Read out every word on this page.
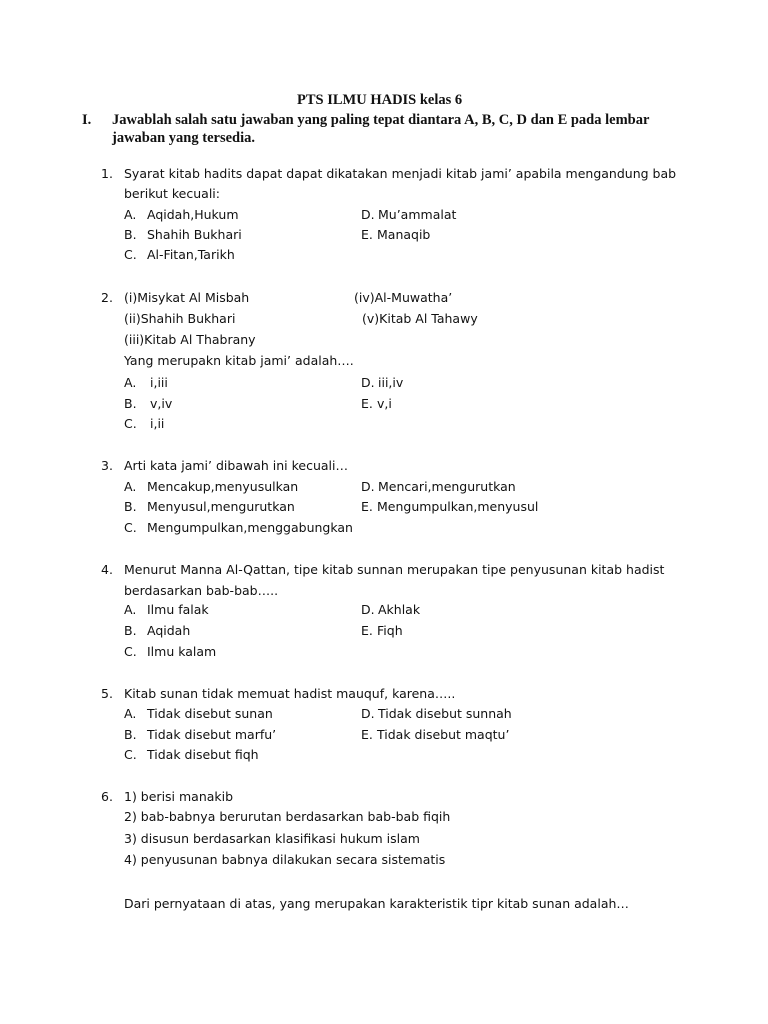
PTS ILMU HADIS kelas 6
I. Jawablah salah satu jawaban yang paling tepat diantara A, B, C, D dan E pada lembar
jawaban yang tersedia.
1. Syarat kitab hadits dapat dapat dikatakan menjadi kitab jami’ apabila mengandung bab
berikut kecuali:
A. Aqidah,Hukum
B. Shahih Bukhari
C. Al-Fitan,Tarikh
D. Mu’ammalat
E. Manaqib
2. (i)Misykat Al Misbah	(iv)Al-Muwatha’
(ii)Shahih Bukhari	(v)Kitab Al Tahawy
(iii)Kitab Al Thabrany
Yang merupakn kitab jami’ adalah….
A. i,iii
B. v,iv
C. i,ii
D. iii,iv
E. v,i
3. Arti kata jami’ dibawah ini kecuali…
A. Mencakup,menyusulkan
B. Menyusul,mengurutkan
C. Mengumpulkan,menggabungkan
D. Mencari,mengurutkan
E. Mengumpulkan,menyusul
4. Menurut Manna Al-Qattan, tipe kitab sunnan merupakan tipe penyusunan kitab hadist
berdasarkan bab-bab…..
A. Ilmu falak
B. Aqidah
C. Ilmu kalam
D. Akhlak
E. Fiqh
5. Kitab sunan tidak memuat hadist mauquf, karena…..
A. Tidak disebut sunan
B. Tidak disebut marfu’
C. Tidak disebut fiqh
D. Tidak disebut sunnah
E. Tidak disebut maqtu’
6. 1) berisi manakib
2) bab-babnya berurutan berdasarkan bab-bab fiqih
3) disusun berdasarkan klasifikasi hukum islam
4) penyusunan babnya dilakukan secara sistematis
Dari pernyataan di atas, yang merupakan karakteristik tipr kitab sunan adalah…
